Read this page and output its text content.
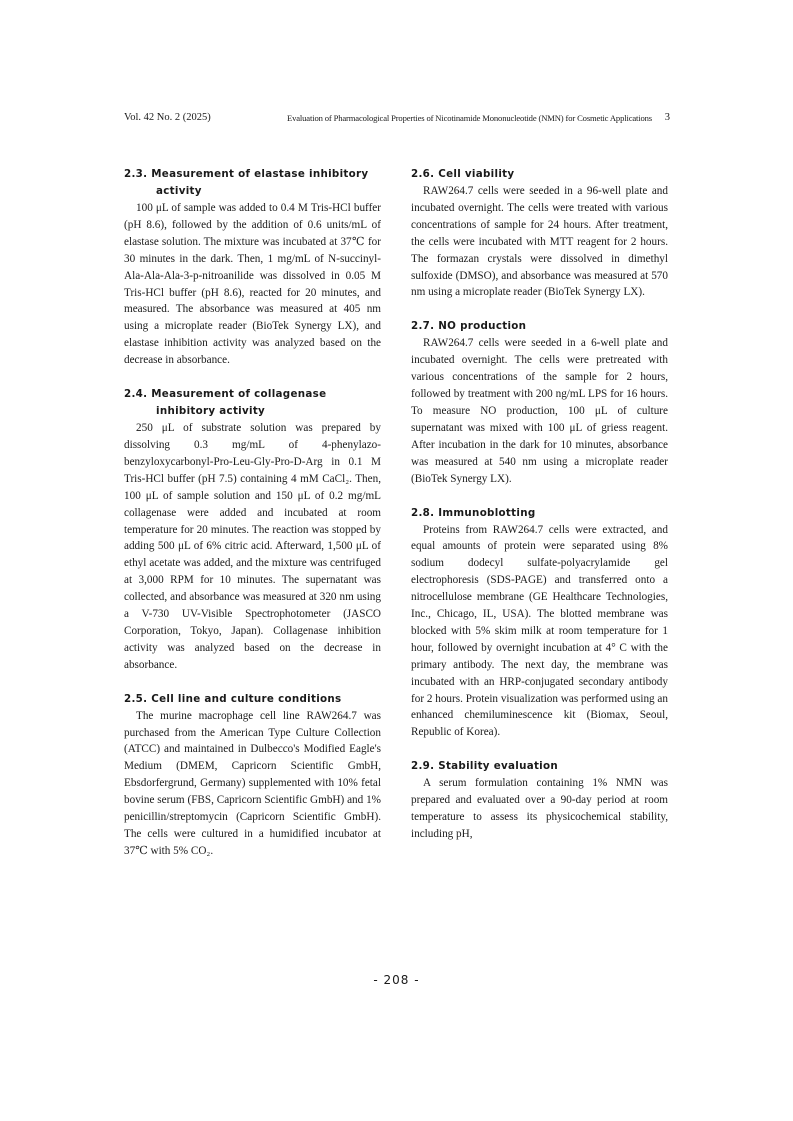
Vol. 42 No. 2 (2025)	Evaluation of Pharmacological Properties of Nicotinamide Mononucleotide (NMN) for Cosmetic Applications 3

2.3. Measurement of elastase inhibitory activity

100 μL of sample was added to 0.4 M Tris-HCl buffer (pH 8.6), followed by the addition of 0.6 units/mL of elastase solution. The mixture was incubated at 37℃ for 30 minutes in the dark. Then, 1 mg/mL of N-succinyl-Ala-Ala-Ala-3-p-nitroanilide was dissolved in 0.05 M Tris-HCl buffer (pH 8.6), reacted for 20 minutes, and measured. The absorbance was measured at 405 nm using a microplate reader (BioTek Synergy LX), and elastase inhibition activity was analyzed based on the decrease in absorbance.

2.4. Measurement of collagenase inhibitory activity

250 μL of substrate solution was prepared by dissolving 0.3 mg/mL of 4-phenylazo-benzyloxycarbonyl-Pro-Leu-Gly-Pro-D-Arg in 0.1 M Tris-HCl buffer (pH 7.5) containing 4 mM CaCl₂. Then, 100 μL of sample solution and 150 μL of 0.2 mg/mL collagenase were added and incubated at room temperature for 20 minutes. The reaction was stopped by adding 500 μL of 6% citric acid. Afterward, 1,500 μL of ethyl acetate was added, and the mixture was centrifuged at 3,000 RPM for 10 minutes. The supernatant was collected, and absorbance was measured at 320 nm using a V-730 UV-Visible Spectrophotometer (JASCO Corporation, Tokyo, Japan). Collagenase inhibition activity was analyzed based on the decrease in absorbance.

2.5. Cell line and culture conditions

The murine macrophage cell line RAW264.7 was purchased from the American Type Culture Collection (ATCC) and maintained in Dulbecco's Modified Eagle's Medium (DMEM, Capricorn Scientific GmbH, Ebsdorfergrund, Germany) supplemented with 10% fetal bovine serum (FBS, Capricorn Scientific GmbH) and 1% penicillin/streptomycin (Capricorn Scientific GmbH). The cells were cultured in a humidified incubator at 37℃ with 5% CO₂.

2.6. Cell viability

RAW264.7 cells were seeded in a 96-well plate and incubated overnight. The cells were treated with various concentrations of sample for 24 hours. After treatment, the cells were incubated with MTT reagent for 2 hours. The formazan crystals were dissolved in dimethyl sulfoxide (DMSO), and absorbance was measured at 570 nm using a microplate reader (BioTek Synergy LX).

2.7. NO production

RAW264.7 cells were seeded in a 6-well plate and incubated overnight. The cells were pretreated with various concentrations of the sample for 2 hours, followed by treatment with 200 ng/mL LPS for 16 hours. To measure NO production, 100 μL of culture supernatant was mixed with 100 μL of griess reagent. After incubation in the dark for 10 minutes, absorbance was measured at 540 nm using a microplate reader (BioTek Synergy LX).

2.8. Immunoblotting

Proteins from RAW264.7 cells were extracted, and equal amounts of protein were separated using 8% sodium dodecyl sulfate-polyacrylamide gel electrophoresis (SDS-PAGE) and transferred onto a nitrocellulose membrane (GE Healthcare Technologies, Inc., Chicago, IL, USA). The blotted membrane was blocked with 5% skim milk at room temperature for 1 hour, followed by overnight incubation at 4° C with the primary antibody. The next day, the membrane was incubated with an HRP-conjugated secondary antibody for 2 hours. Protein visualization was performed using an enhanced chemiluminescence kit (Biomax, Seoul, Republic of Korea).

2.9. Stability evaluation

A serum formulation containing 1% NMN was prepared and evaluated over a 90-day period at room temperature to assess its physicochemical stability, including pH,

- 208 -
